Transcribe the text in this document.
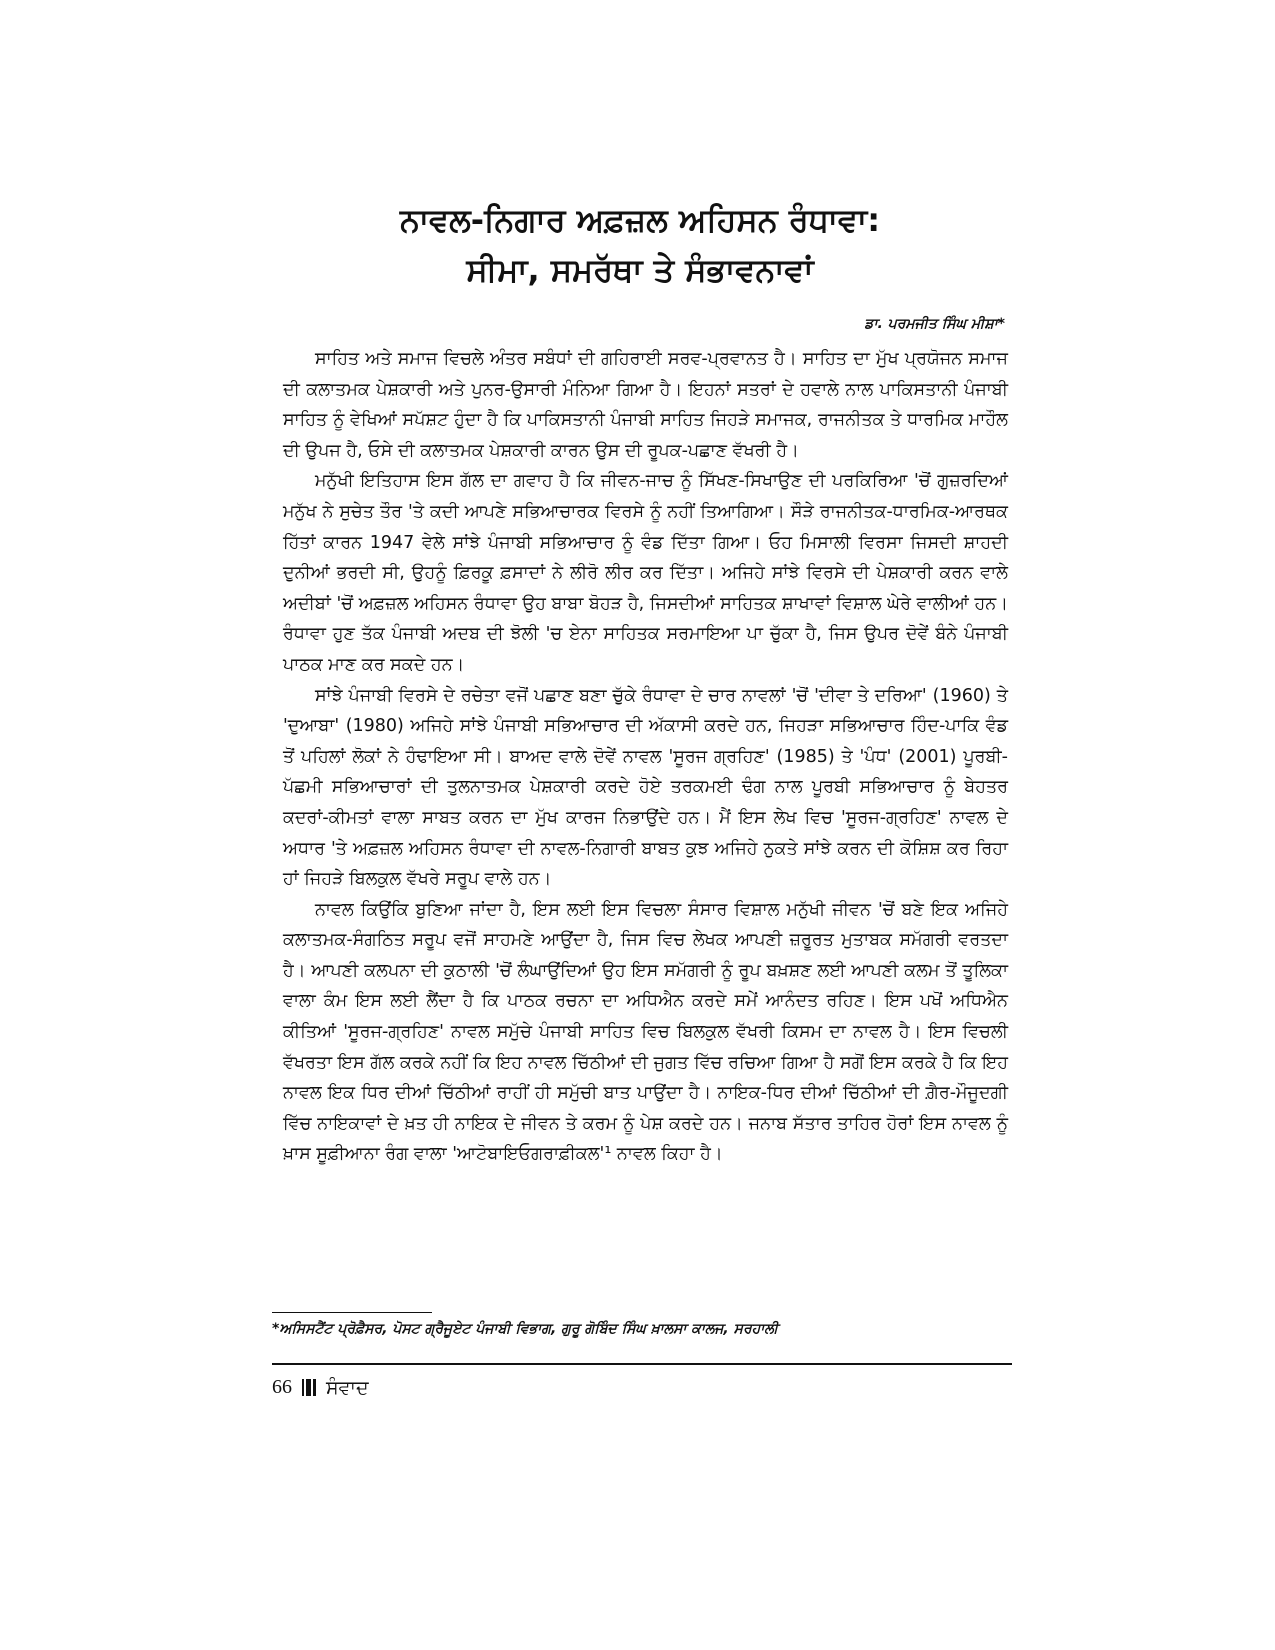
ਨਾਵਲ-ਨਿਗਾਰ ਅਫ਼ਜ਼ਲ ਅਹਿਸਨ ਰੰਧਾਵਾ:

ਸੀਮਾ, ਸਮਰੱਥਾ ਤੇ ਸੰਭਾਵਨਾਵਾਂ

ਡਾ. ਪਰਮਜੀਤ ਸਿੰਘ ਮੀਸ਼ਾ*

ਸਾਹਿਤ ਅਤੇ ਸਮਾਜ ਵਿਚਲੇ ਅੰਤਰ ਸਬੰਧਾਂ ਦੀ ਗਹਿਰਾਈ ਸਰਵ-ਪ੍ਰਵਾਨਤ ਹੈ। ਸਾਹਿਤ ਦਾ ਮੁੱਖ ਪ੍ਰਯੋਜਨ ਸਮਾਜ ਦੀ ਕਲਾਤਮਕ ਪੇਸ਼ਕਾਰੀ ਅਤੇ ਪੁਨਰ-ਉਸਾਰੀ ਮੰਨਿਆ ਗਿਆ ਹੈ। ਇਹਨਾਂ ਸਤਰਾਂ ਦੇ ਹਵਾਲੇ ਨਾਲ ਪਾਕਿਸਤਾਨੀ ਪੰਜਾਬੀ ਸਾਹਿਤ ਨੂੰ ਵੇਖਿਆਂ ਸਪੱਸ਼ਟ ਹੁੰਦਾ ਹੈ ਕਿ ਪਾਕਿਸਤਾਨੀ ਪੰਜਾਬੀ ਸਾਹਿਤ ਜਿਹੜੇ ਸਮਾਜਕ, ਰਾਜਨੀਤਕ ਤੇ ਧਾਰਮਿਕ ਮਾਹੌਲ ਦੀ ਉਪਜ ਹੈ, ਓਸੇ ਦੀ ਕਲਾਤਮਕ ਪੇਸ਼ਕਾਰੀ ਕਾਰਨ ਉਸ ਦੀ ਰੂਪਕ-ਪਛਾਣ ਵੱਖਰੀ ਹੈ।

ਮਨੁੱਖੀ ਇਤਿਹਾਸ ਇਸ ਗੱਲ ਦਾ ਗਵਾਹ ਹੈ ਕਿ ਜੀਵਨ-ਜਾਚ ਨੂੰ ਸਿੱਖਣ-ਸਿਖਾਉਣ ਦੀ ਪਰਕਿਰਿਆ 'ਚੋਂ ਗੁਜ਼ਰਦਿਆਂ ਮਨੁੱਖ ਨੇ ਸੁਚੇਤ ਤੌਰ 'ਤੇ ਕਦੀ ਆਪਣੇ ਸਭਿਆਚਾਰਕ ਵਿਰਸੇ ਨੂੰ ਨਹੀਂ ਤਿਆਗਿਆ। ਸੌੜੇ ਰਾਜਨੀਤਕ-ਧਾਰਮਿਕ-ਆਰਥਕ ਹਿੱਤਾਂ ਕਾਰਨ 1947 ਵੇਲੇ ਸਾਂਝੇ ਪੰਜਾਬੀ ਸਭਿਆਚਾਰ ਨੂੰ ਵੰਡ ਦਿੱਤਾ ਗਿਆ। ਓਹ ਮਿਸਾਲੀ ਵਿਰਸਾ ਜਿਸਦੀ ਸ਼ਾਹਦੀ ਦੁਨੀਆਂ ਭਰਦੀ ਸੀ, ਉਹਨੂੰ ਫ਼ਿਰਕੂ ਫ਼ਸਾਦਾਂ ਨੇ ਲੀਰੋ ਲੀਰ ਕਰ ਦਿੱਤਾ। ਅਜਿਹੇ ਸਾਂਝੇ ਵਿਰਸੇ ਦੀ ਪੇਸ਼ਕਾਰੀ ਕਰਨ ਵਾਲੇ ਅਦੀਬਾਂ 'ਚੋਂ ਅਫ਼ਜ਼ਲ ਅਹਿਸਨ ਰੰਧਾਵਾ ਉਹ ਬਾਬਾ ਬੋਹੜ ਹੈ, ਜਿਸਦੀਆਂ ਸਾਹਿਤਕ ਸ਼ਾਖਾਵਾਂ ਵਿਸ਼ਾਲ ਘੇਰੇ ਵਾਲੀਆਂ ਹਨ। ਰੰਧਾਵਾ ਹੁਣ ਤੱਕ ਪੰਜਾਬੀ ਅਦਬ ਦੀ ਝੋਲੀ 'ਚ ਏਨਾ ਸਾਹਿਤਕ ਸਰਮਾਇਆ ਪਾ ਚੁੱਕਾ ਹੈ, ਜਿਸ ਉਪਰ ਦੋਵੇਂ ਬੰਨੇ ਪੰਜਾਬੀ ਪਾਠਕ ਮਾਣ ਕਰ ਸਕਦੇ ਹਨ।

ਸਾਂਝੇ ਪੰਜਾਬੀ ਵਿਰਸੇ ਦੇ ਰਚੇਤਾ ਵਜੋਂ ਪਛਾਣ ਬਣਾ ਚੁੱਕੇ ਰੰਧਾਵਾ ਦੇ ਚਾਰ ਨਾਵਲਾਂ 'ਚੋਂ 'ਦੀਵਾ ਤੇ ਦਰਿਆ' (1960) ਤੇ 'ਦੁਆਬਾ' (1980) ਅਜਿਹੇ ਸਾਂਝੇ ਪੰਜਾਬੀ ਸਭਿਆਚਾਰ ਦੀ ਅੱਕਾਸੀ ਕਰਦੇ ਹਨ, ਜਿਹੜਾ ਸਭਿਆਚਾਰ ਹਿੰਦ-ਪਾਕਿ ਵੰਡ ਤੋਂ ਪਹਿਲਾਂ ਲੋਕਾਂ ਨੇ ਹੰਢਾਇਆ ਸੀ। ਬਾਅਦ ਵਾਲੇ ਦੋਵੇਂ ਨਾਵਲ 'ਸੂਰਜ ਗ੍ਰਹਿਣ' (1985) ਤੇ 'ਪੰਧ' (2001) ਪੂਰਬੀ-ਪੱਛਮੀ ਸਭਿਆਚਾਰਾਂ ਦੀ ਤੁਲਨਾਤਮਕ ਪੇਸ਼ਕਾਰੀ ਕਰਦੇ ਹੋਏ ਤਰਕਮਈ ਢੰਗ ਨਾਲ ਪੂਰਬੀ ਸਭਿਆਚਾਰ ਨੂੰ ਬੇਹਤਰ ਕਦਰਾਂ-ਕੀਮਤਾਂ ਵਾਲਾ ਸਾਬਤ ਕਰਨ ਦਾ ਮੁੱਖ ਕਾਰਜ ਨਿਭਾਉਂਦੇ ਹਨ। ਮੈਂ ਇਸ ਲੇਖ ਵਿਚ 'ਸੂਰਜ-ਗ੍ਰਹਿਣ' ਨਾਵਲ ਦੇ ਅਧਾਰ 'ਤੇ ਅਫ਼ਜ਼ਲ ਅਹਿਸਨ ਰੰਧਾਵਾ ਦੀ ਨਾਵਲ-ਨਿਗਾਰੀ ਬਾਬਤ ਕੁਝ ਅਜਿਹੇ ਨੁਕਤੇ ਸਾਂਝੇ ਕਰਨ ਦੀ ਕੋਸ਼ਿਸ਼ ਕਰ ਰਿਹਾ ਹਾਂ ਜਿਹੜੇ ਬਿਲਕੁਲ ਵੱਖਰੇ ਸਰੂਪ ਵਾਲੇ ਹਨ।

ਨਾਵਲ ਕਿਉਂਕਿ ਬੁਣਿਆ ਜਾਂਦਾ ਹੈ, ਇਸ ਲਈ ਇਸ ਵਿਚਲਾ ਸੰਸਾਰ ਵਿਸ਼ਾਲ ਮਨੁੱਖੀ ਜੀਵਨ 'ਚੋਂ ਬਣੇ ਇਕ ਅਜਿਹੇ ਕਲਾਤਮਕ-ਸੰਗਠਿਤ ਸਰੂਪ ਵਜੋਂ ਸਾਹਮਣੇ ਆਉਂਦਾ ਹੈ, ਜਿਸ ਵਿਚ ਲੇਖਕ ਆਪਣੀ ਜ਼ਰੂਰਤ ਮੁਤਾਬਕ ਸਮੱਗਰੀ ਵਰਤਦਾ ਹੈ। ਆਪਣੀ ਕਲਪਨਾ ਦੀ ਕੁਠਾਲੀ 'ਚੋਂ ਲੰਘਾਉਂਦਿਆਂ ਉਹ ਇਸ ਸਮੱਗਰੀ ਨੂੰ ਰੂਪ ਬਖ਼ਸ਼ਣ ਲਈ ਆਪਣੀ ਕਲਮ ਤੋਂ ਤੂਲਿਕਾ ਵਾਲਾ ਕੰਮ ਇਸ ਲਈ ਲੈਂਦਾ ਹੈ ਕਿ ਪਾਠਕ ਰਚਨਾ ਦਾ ਅਧਿਐਨ ਕਰਦੇ ਸਮੇਂ ਆਨੰਦਤ ਰਹਿਣ। ਇਸ ਪਖੋਂ ਅਧਿਐਨ ਕੀਤਿਆਂ 'ਸੂਰਜ-ਗ੍ਰਹਿਣ' ਨਾਵਲ ਸਮੁੱਚੇ ਪੰਜਾਬੀ ਸਾਹਿਤ ਵਿਚ ਬਿਲਕੁਲ ਵੱਖਰੀ ਕਿਸਮ ਦਾ ਨਾਵਲ ਹੈ। ਇਸ ਵਿਚਲੀ ਵੱਖਰਤਾ ਇਸ ਗੱਲ ਕਰਕੇ ਨਹੀਂ ਕਿ ਇਹ ਨਾਵਲ ਚਿੱਠੀਆਂ ਦੀ ਜੁਗਤ ਵਿੱਚ ਰਚਿਆ ਗਿਆ ਹੈ ਸਗੋਂ ਇਸ ਕਰਕੇ ਹੈ ਕਿ ਇਹ ਨਾਵਲ ਇਕ ਧਿਰ ਦੀਆਂ ਚਿੱਠੀਆਂ ਰਾਹੀਂ ਹੀ ਸਮੁੱਚੀ ਬਾਤ ਪਾਉਂਦਾ ਹੈ। ਨਾਇਕ-ਧਿਰ ਦੀਆਂ ਚਿੱਠੀਆਂ ਦੀ ਗ਼ੈਰ-ਮੌਜੂਦਗੀ ਵਿੱਚ ਨਾਇਕਾਵਾਂ ਦੇ ਖ਼ਤ ਹੀ ਨਾਇਕ ਦੇ ਜੀਵਨ ਤੇ ਕਰਮ ਨੂੰ ਪੇਸ਼ ਕਰਦੇ ਹਨ। ਜਨਾਬ ਸੱਤਾਰ ਤਾਹਿਰ ਹੋਰਾਂ ਇਸ ਨਾਵਲ ਨੂੰ ਖ਼ਾਸ ਸੂਫ਼ੀਆਨਾ ਰੰਗ ਵਾਲਾ 'ਆਟੋਬਾਇਓਗਰਾਫ਼ੀਕਲ'¹ ਨਾਵਲ ਕਿਹਾ ਹੈ।

*ਅਸਿਸਟੈਂਟ ਪ੍ਰੋਫ਼ੈਸਰ, ਪੋਸਟ ਗ੍ਰੈਜੂਏਟ ਪੰਜਾਬੀ ਵਿਭਾਗ, ਗੁਰੂ ਗੋਬਿੰਦ ਸਿੰਘ ਖ਼ਾਲਸਾ ਕਾਲਜ, ਸਰਹਾਲੀ
66 ਸੰਵਾਦ
